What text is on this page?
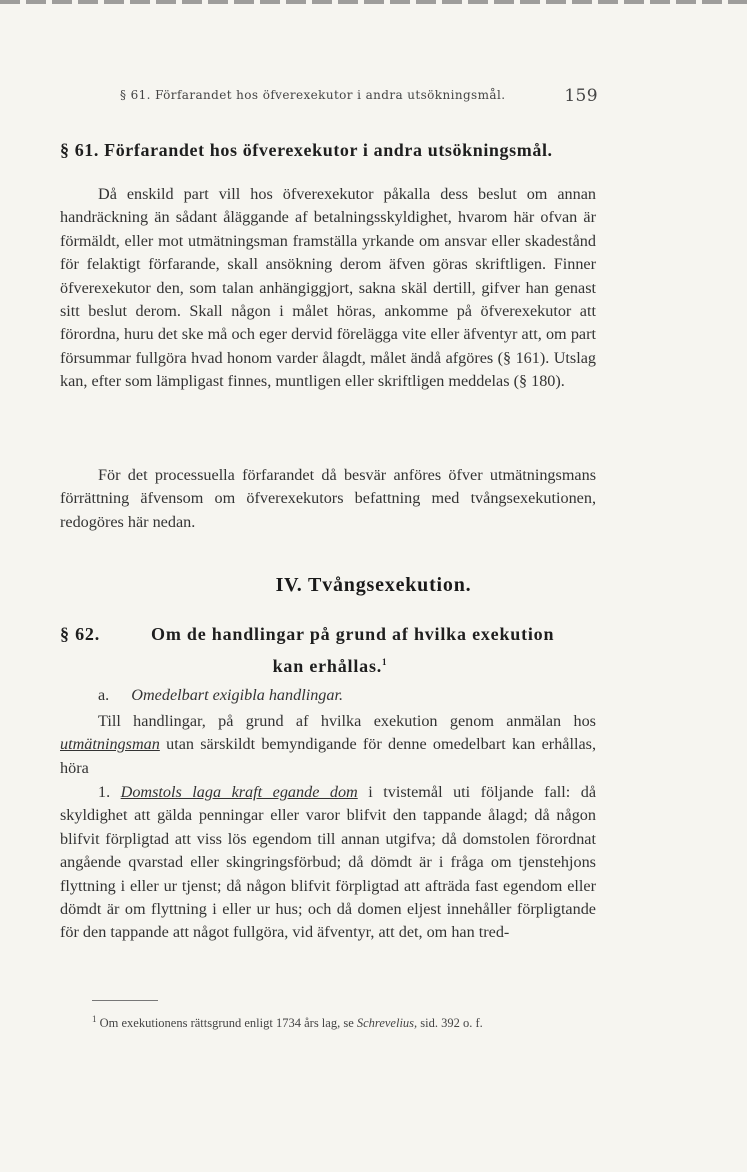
§ 61. Förfarandet hos öfverexekutor i andra utsökningsmål.	159
§ 61. Förfarandet hos öfverexekutor i andra utsökningsmål.

Då enskild part vill hos öfverexekutor påkalla dess beslut om annan handräckning än sådant åläggande af betalningsskyldighet, hvarom här ofvan är förmäldt, eller mot utmätningsman framställa yrkande om ansvar eller skadestånd för felaktigt förfarande, skall ansökning derom äfven göras skriftligen. Finner öfverexekutor den, som talan anhängiggjort, sakna skäl dertill, gifver han genast sitt beslut derom. Skall någon i målet höras, ankomme på öfverexekutor att förordna, huru det ske må och eger dervid förelägga vite eller äfventyr att, om part försummar fullgöra hvad honom varder ålagdt, målet ändå afgöres (§ 161). Utslag kan, efter som lämpligast finnes, muntligen eller skriftligen meddelas (§ 180).

För det processuella förfarandet då besvär anföres öfver utmätningsmans förrättning äfvensom om öfverexekutors befattning med tvångsexekutionen, redogöres här nedan.

IV. Tvångsexekution.
§ 62.	Om de handlingar på grund af hvilka exekution
kan erhållas.$^1$
a. Omedelbart exigibla handlingar.

Till handlingar, på grund af hvilka exekution genom anmälan hos utmätningsman utan särskildt bemyndigande för denne omedelbart kan erhållas, höra

1. Domstols laga kraft egande dom i tvistemål uti följande fall: då skyldighet att gälda penningar eller varor blifvit den tappande ålagd; då någon blifvit förpligtad att viss lös egendom till annan utgifva; då domstolen förordnat angående qvarstad eller skingringsförbud; då dömdt är i fråga om tjenstehjons flyttning i eller ur tjenst; då någon blifvit förpligtad att afträda fast egendom eller dömdt är om flyttning i eller ur hus; och då domen eljest innehåller förpligtande för den tappande att något fullgöra, vid äfventyr, att det, om han tred-

$^1$ Om exekutionens rättsgrund enligt 1734 års lag, se Schrevelius, sid. 392 o. f.
